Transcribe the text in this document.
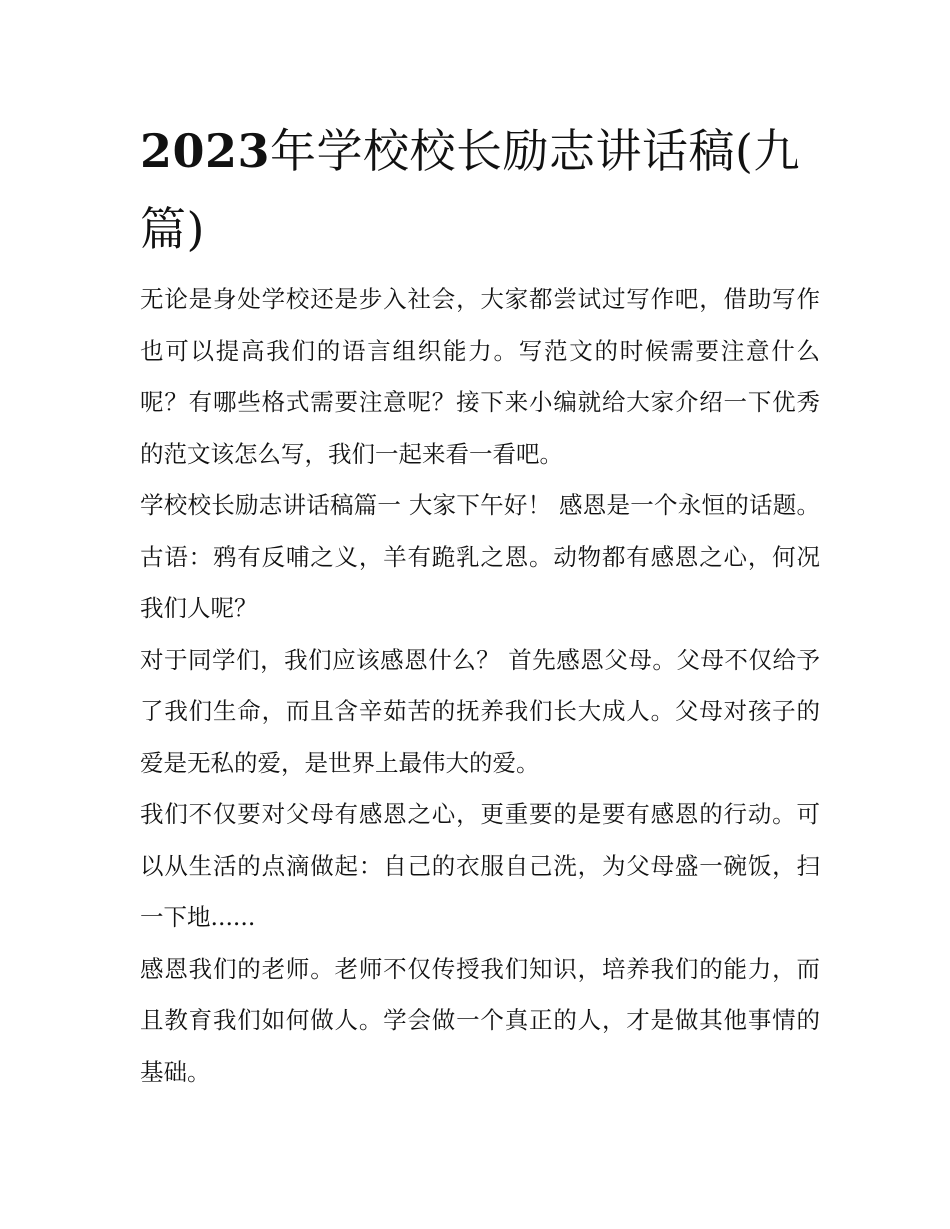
2023年学校校长励志讲话稿(九篇)

无论是身处学校还是步入社会，大家都尝试过写作吧，借助写作也可以提高我们的语言组织能力。写范文的时候需要注意什么呢？有哪些格式需要注意呢？接下来小编就给大家介绍一下优秀的范文该怎么写，我们一起来看一看吧。

学校校长励志讲话稿篇一 大家下午好！ 感恩是一个永恒的话题。古语：鸦有反哺之义，羊有跪乳之恩。动物都有感恩之心，何况我们人呢？

对于同学们，我们应该感恩什么？ 首先感恩父母。父母不仅给予了我们生命，而且含辛茹苦的抚养我们长大成人。父母对孩子的爱是无私的爱，是世界上最伟大的爱。

我们不仅要对父母有感恩之心，更重要的是要有感恩的行动。可以从生活的点滴做起：自己的衣服自己洗，为父母盛一碗饭，扫一下地......

感恩我们的老师。老师不仅传授我们知识，培养我们的能力，而且教育我们如何做人。学会做一个真正的人，才是做其他事情的基础。
